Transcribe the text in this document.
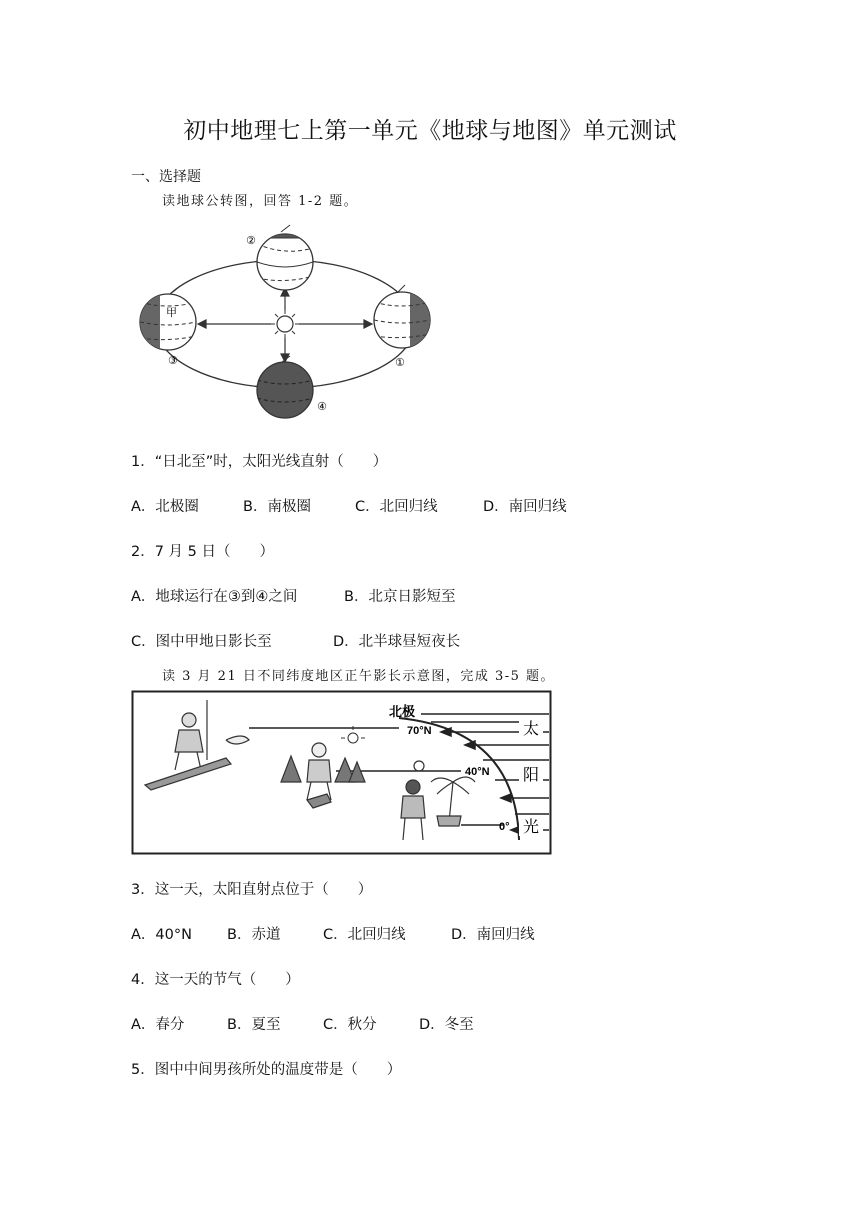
初中地理七上第一单元《地球与地图》单元测试
一、选择题
读地球公转图，回答 1-2 题。
②
甲
③	①
④
1．“日北至”时，太阳光线直射（　　）
A．北极圈	B．南极圈	C．北回归线	D．南回归线
2．7 月 5 日（　　）
A．地球运行在③到④之间	B．北京日影短至
C．图中甲地日影长至	D．北半球昼短夜长
读 3 月 21 日不同纬度地区正午影长示意图，完成 3-5 题。
北极
70°N
40°N
0°
太
阳
光
3．这一天，太阳直射点位于（　　）
A．40°N B．赤道	C．北回归线	D．南回归线
4．这一天的节气（　　）
A．春分	B．夏至	C．秋分	D．冬至
5．图中中间男孩所处的温度带是（　　）
